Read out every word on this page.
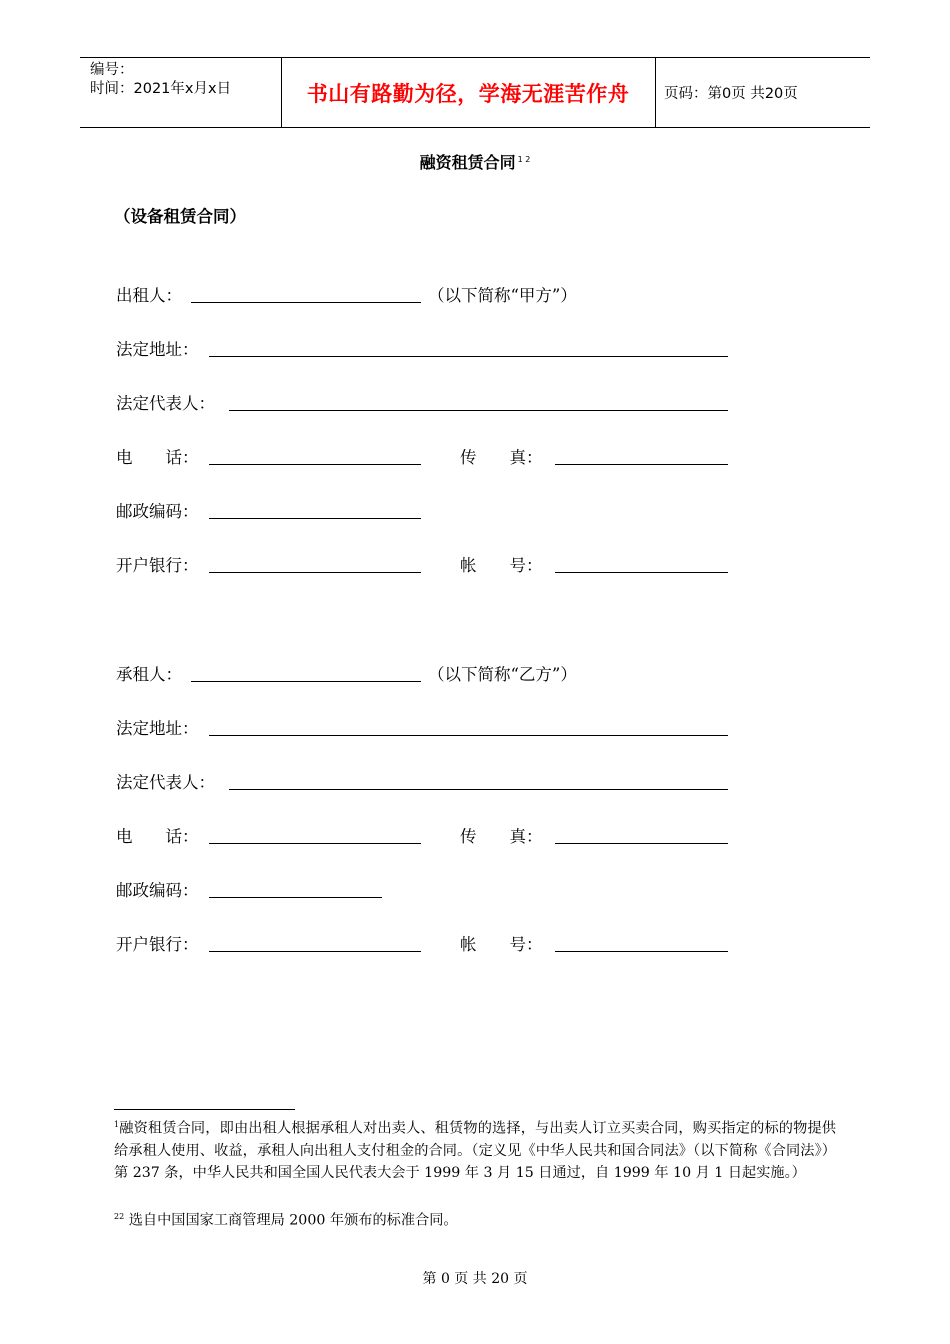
编号：
时间：2021年x月x日	书山有路勤为径，学海无涯苦作舟	页码：第0页 共20页
融资租赁合同 $^{1 2}$
（设备租赁合同）
出租人：	（以下简称“甲方”）
法定地址：
法定代表人：
电　　话：	传　　真：
邮政编码：
开户银行：	帐　　号：
承租人：	（以下简称“乙方”）
法定地址：
法定代表人：
电　　话：	传　　真：
邮政编码：
开户银行：	帐　　号：
$^1$融资租赁合同，即由出租人根据承租人对出卖人、租赁物的选择，与出卖人订立买卖合同，购买指定的标的物提供给承租人使用、收益，承租人向出租人支付租金的合同。（定义见《中华人民共和国合同法》（以下简称《合同法》）第 237 条，中华人民共和国全国人民代表大会于 1999 年 3 月 15 日通过，自 1999 年 10 月 1 日起实施。）
$^{22}$ 选自中国国家工商管理局 2000 年颁布的标准合同。
第 0 页 共 20 页
